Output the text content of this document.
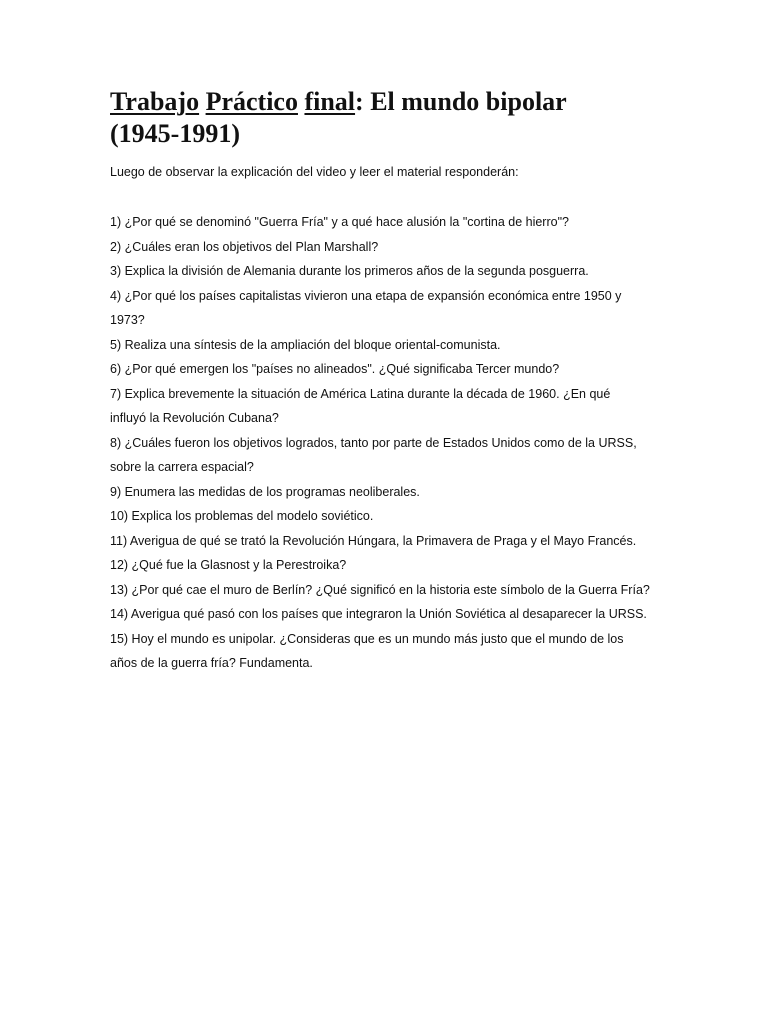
Trabajo Práctico final: El mundo bipolar
(1945-1991)
Luego de observar la explicación del video y leer el material responderán:
1) ¿Por qué se denominó "Guerra Fría" y a qué hace alusión la "cortina de hierro"?
2) ¿Cuáles eran los objetivos del Plan Marshall?
3) Explica la división de Alemania durante los primeros años de la segunda posguerra.
4) ¿Por qué los países capitalistas vivieron una etapa de expansión económica entre 1950 y
1973?
5) Realiza una síntesis de la ampliación del bloque oriental-comunista.
6) ¿Por qué emergen los "países no alineados". ¿Qué significaba Tercer mundo?
7) Explica brevemente la situación de América Latina durante la década de 1960. ¿En qué
influyó la Revolución Cubana?
8) ¿Cuáles fueron los objetivos logrados, tanto por parte de Estados Unidos como de la URSS,
sobre la carrera espacial?
9) Enumera las medidas de los programas neoliberales.
10) Explica los problemas del modelo soviético.
11) Averigua de qué se trató la Revolución Húngara, la Primavera de Praga y el Mayo Francés.
12) ¿Qué fue la Glasnost y la Perestroika?
13) ¿Por qué cae el muro de Berlín? ¿Qué significó en la historia este símbolo de la Guerra Fría?
14) Averigua qué pasó con los países que integraron la Unión Soviética al desaparecer la URSS.
15) Hoy el mundo es unipolar. ¿Consideras que es un mundo más justo que el mundo de los
años de la guerra fría? Fundamenta.
